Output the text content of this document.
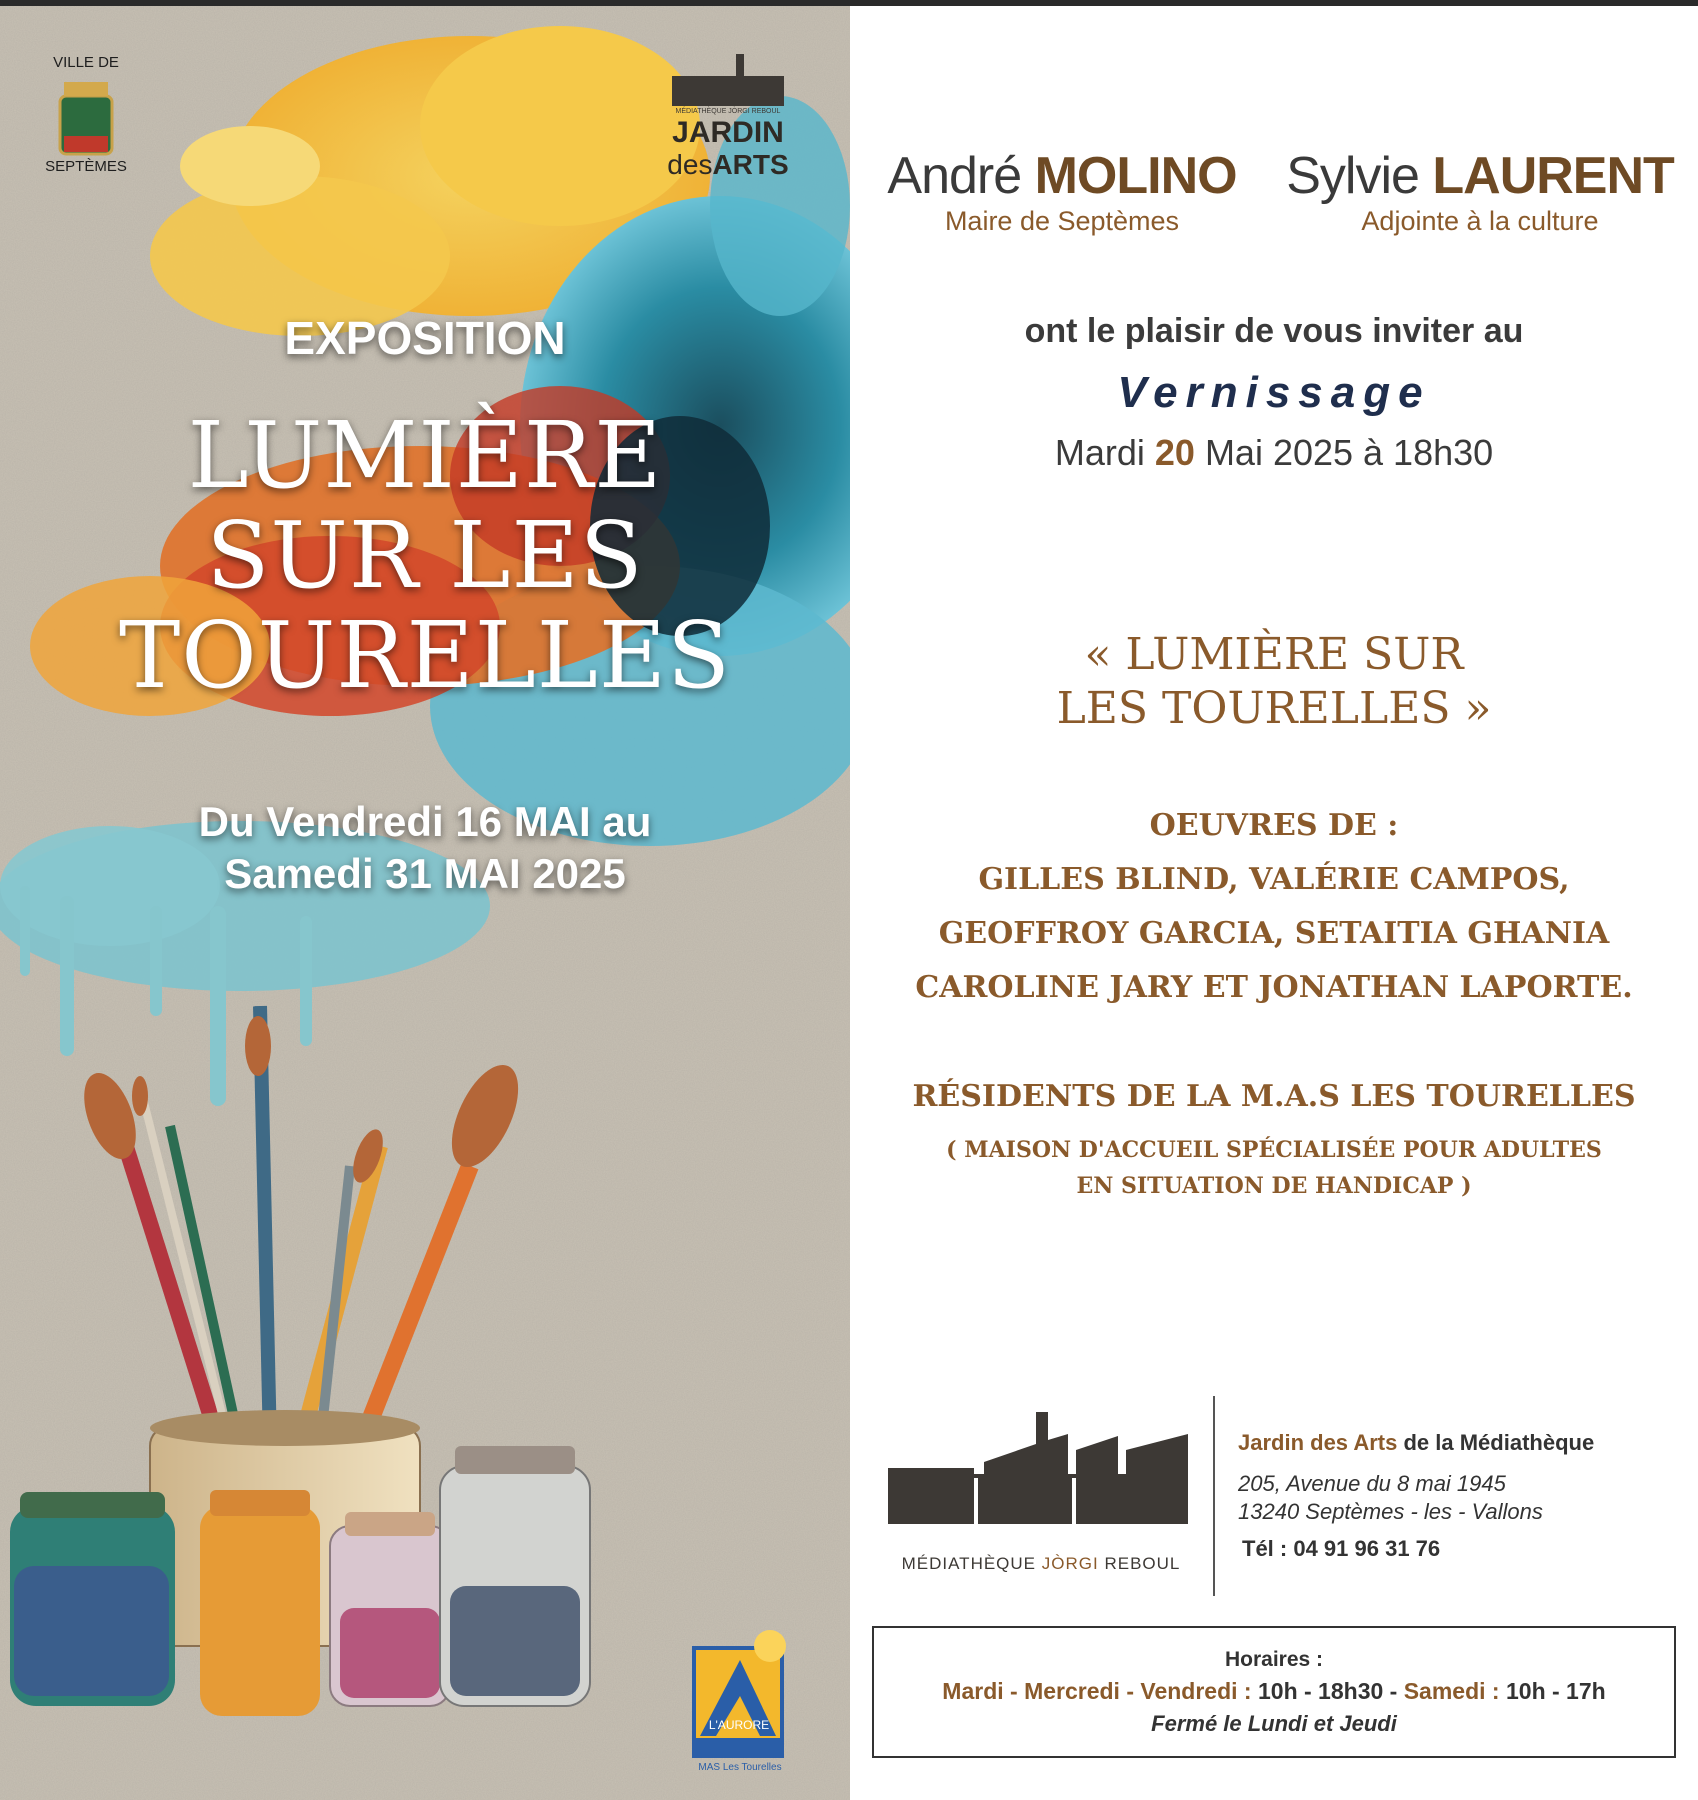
VILLE DE
SEPTÈMES
MÉDIATHÈQUE JÒRGI REBOUL
JARDIN
desARTS
EXPOSITION
LUMIÈRE
SUR LES
TOURELLES
Du Vendredi 16 MAI au
Samedi 31 MAI 2025
L'AURORE
MAS Les Tourelles
André MOLINO
Maire de Septèmes
Sylvie LAURENT
Adjointe à la culture
ont le plaisir de vous inviter au
Vernissage
Mardi 20 Mai 2025 à 18h30
« LUMIÈRE SUR
LES TOURELLES »
OEUVRES DE :
GILLES BLIND, VALÉRIE CAMPOS,
GEOFFROY GARCIA, SETAITIA GHANIA
CAROLINE JARY ET JONATHAN LAPORTE.
RÉSIDENTS DE LA M.A.S LES TOURELLES
( MAISON D'ACCUEIL SPÉCIALISÉE POUR ADULTES
EN SITUATION DE HANDICAP )
MÉDIATHÈQUE JÒRGI REBOUL
Jardin des Arts de la Médiathèque
205, Avenue du 8 mai 1945
13240 Septèmes - les - Vallons
Tél : 04 91 96 31 76
Horaires :
Mardi - Mercredi - Vendredi : 10h - 18h30 - Samedi : 10h - 17h
Fermé le Lundi et Jeudi
